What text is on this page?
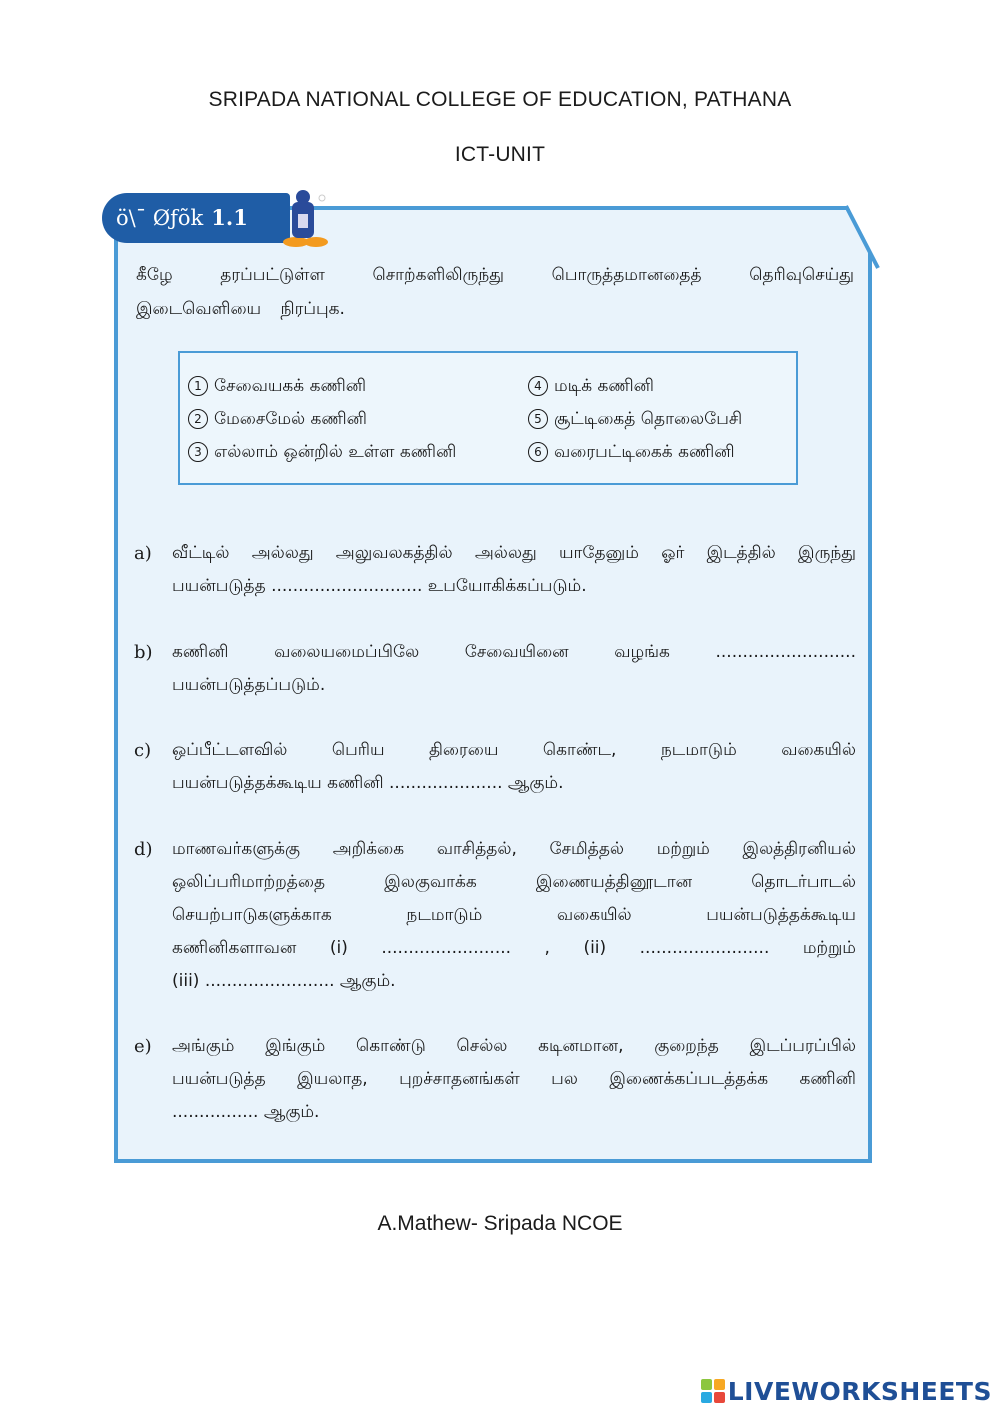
SRIPADA NATIONAL COLLEGE OF EDUCATION, PATHANA
ICT-UNIT
ö\¯ Øƒõk 1.1
கீழே தரப்பட்டுள்ள சொற்களிலிருந்து பொருத்தமானதைத் தெரிவுசெய்து
இடைவெளியை நிரப்புக.
1 சேவையகக் கணினி
2 மேசைமேல் கணினி
3 எல்லாம் ஒன்றில் உள்ள கணினி
4 மடிக் கணினி
5 சூட்டிகைத் தொலைபேசி
6 வரைபட்டிகைக் கணினி
a) வீட்டில் அல்லது அலுவலகத்தில் அல்லது யாதேனும் ஓர் இடத்தில் இருந்து
பயன்படுத்த ............................ உபயோகிக்கப்படும்.
b) கணினி வலையமைப்பிலே சேவையினை வழங்க ..........................
பயன்படுத்தப்படும்.
c) ஒப்பீட்டளவில் பெரிய திரையை கொண்ட, நடமாடும் வகையில்
பயன்படுத்தக்கூடிய கணினி ..................... ஆகும்.
d) மாணவர்களுக்கு அறிக்கை வாசித்தல், சேமித்தல் மற்றும் இலத்திரனியல்
ஒலிப்பரிமாற்றத்தை இலகுவாக்க இணையத்தினூடான தொடர்பாடல்
செயற்பாடுகளுக்காக நடமாடும் வகையில் பயன்படுத்தக்கூடிய
கணினிகளாவன (i) ........................ , (ii) ........................ மற்றும்
(iii) ........................ ஆகும்.
e) அங்கும் இங்கும் கொண்டு செல்ல கடினமான, குறைந்த இடப்பரப்பில்
பயன்படுத்த இயலாத, புறச்சாதனங்கள் பல இணைக்கப்படத்தக்க கணினி
................ ஆகும்.
A.Mathew- Sripada NCOE
LIVEWORKSHEETS
